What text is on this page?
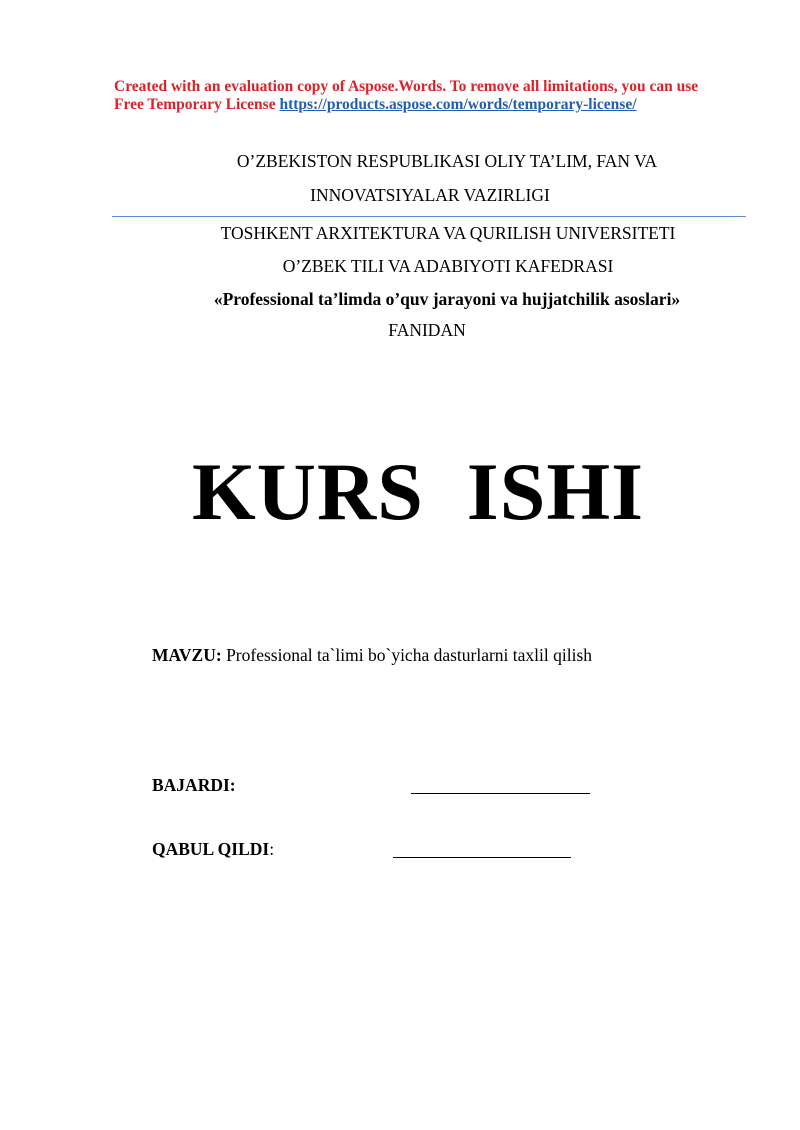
Created with an evaluation copy of Aspose.Words. To remove all limitations, you can use
Free Temporary License https://products.aspose.com/words/temporary-license/
O’ZBEKISTON RESPUBLIKASI OLIY TA’LIM, FAN VA
INNOVATSIYALAR VAZIRLIGI
TOSHKENT ARXITEKTURA VA QURILISH UNIVERSITETI
O’ZBEK TILI VA ADABIYOTI KAFEDRASI
«Professional ta’limda o’quv jarayoni va hujjatchilik asoslari»
FANIDAN
KURS  ISHI
MAVZU: Professional ta`limi bo`yicha dasturlarni taxlil qilish
BAJARDI:
QABUL QILDI:
